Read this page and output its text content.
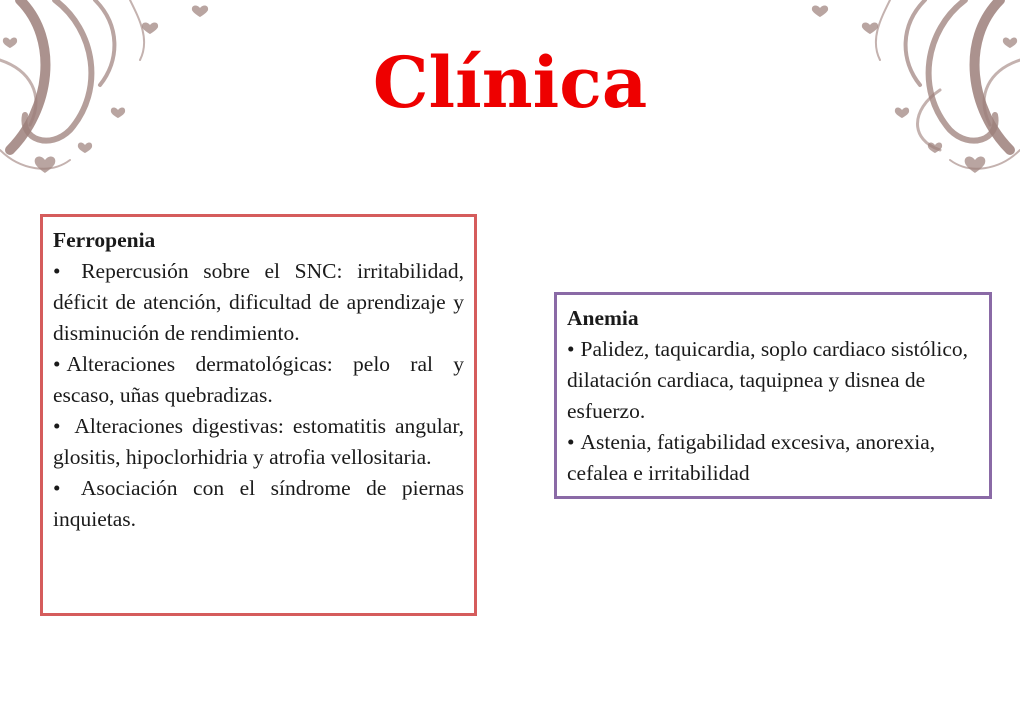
Clínica
Ferropenia
• Repercusión sobre el SNC: irritabilidad, déficit de atención, dificultad de aprendizaje y disminución de rendimiento.
• Alteraciones dermatológicas: pelo ral y escaso, uñas quebradizas.
• Alteraciones digestivas: estomatitis angular, glositis, hipoclorhidria y atrofia vellositaria.
• Asociación con el síndrome de piernas inquietas.
Anemia
• Palidez, taquicardia, soplo cardiaco sistólico, dilatación cardiaca, taquipnea y disnea de esfuerzo.
• Astenia, fatigabilidad excesiva, anorexia, cefalea e irritabilidad
